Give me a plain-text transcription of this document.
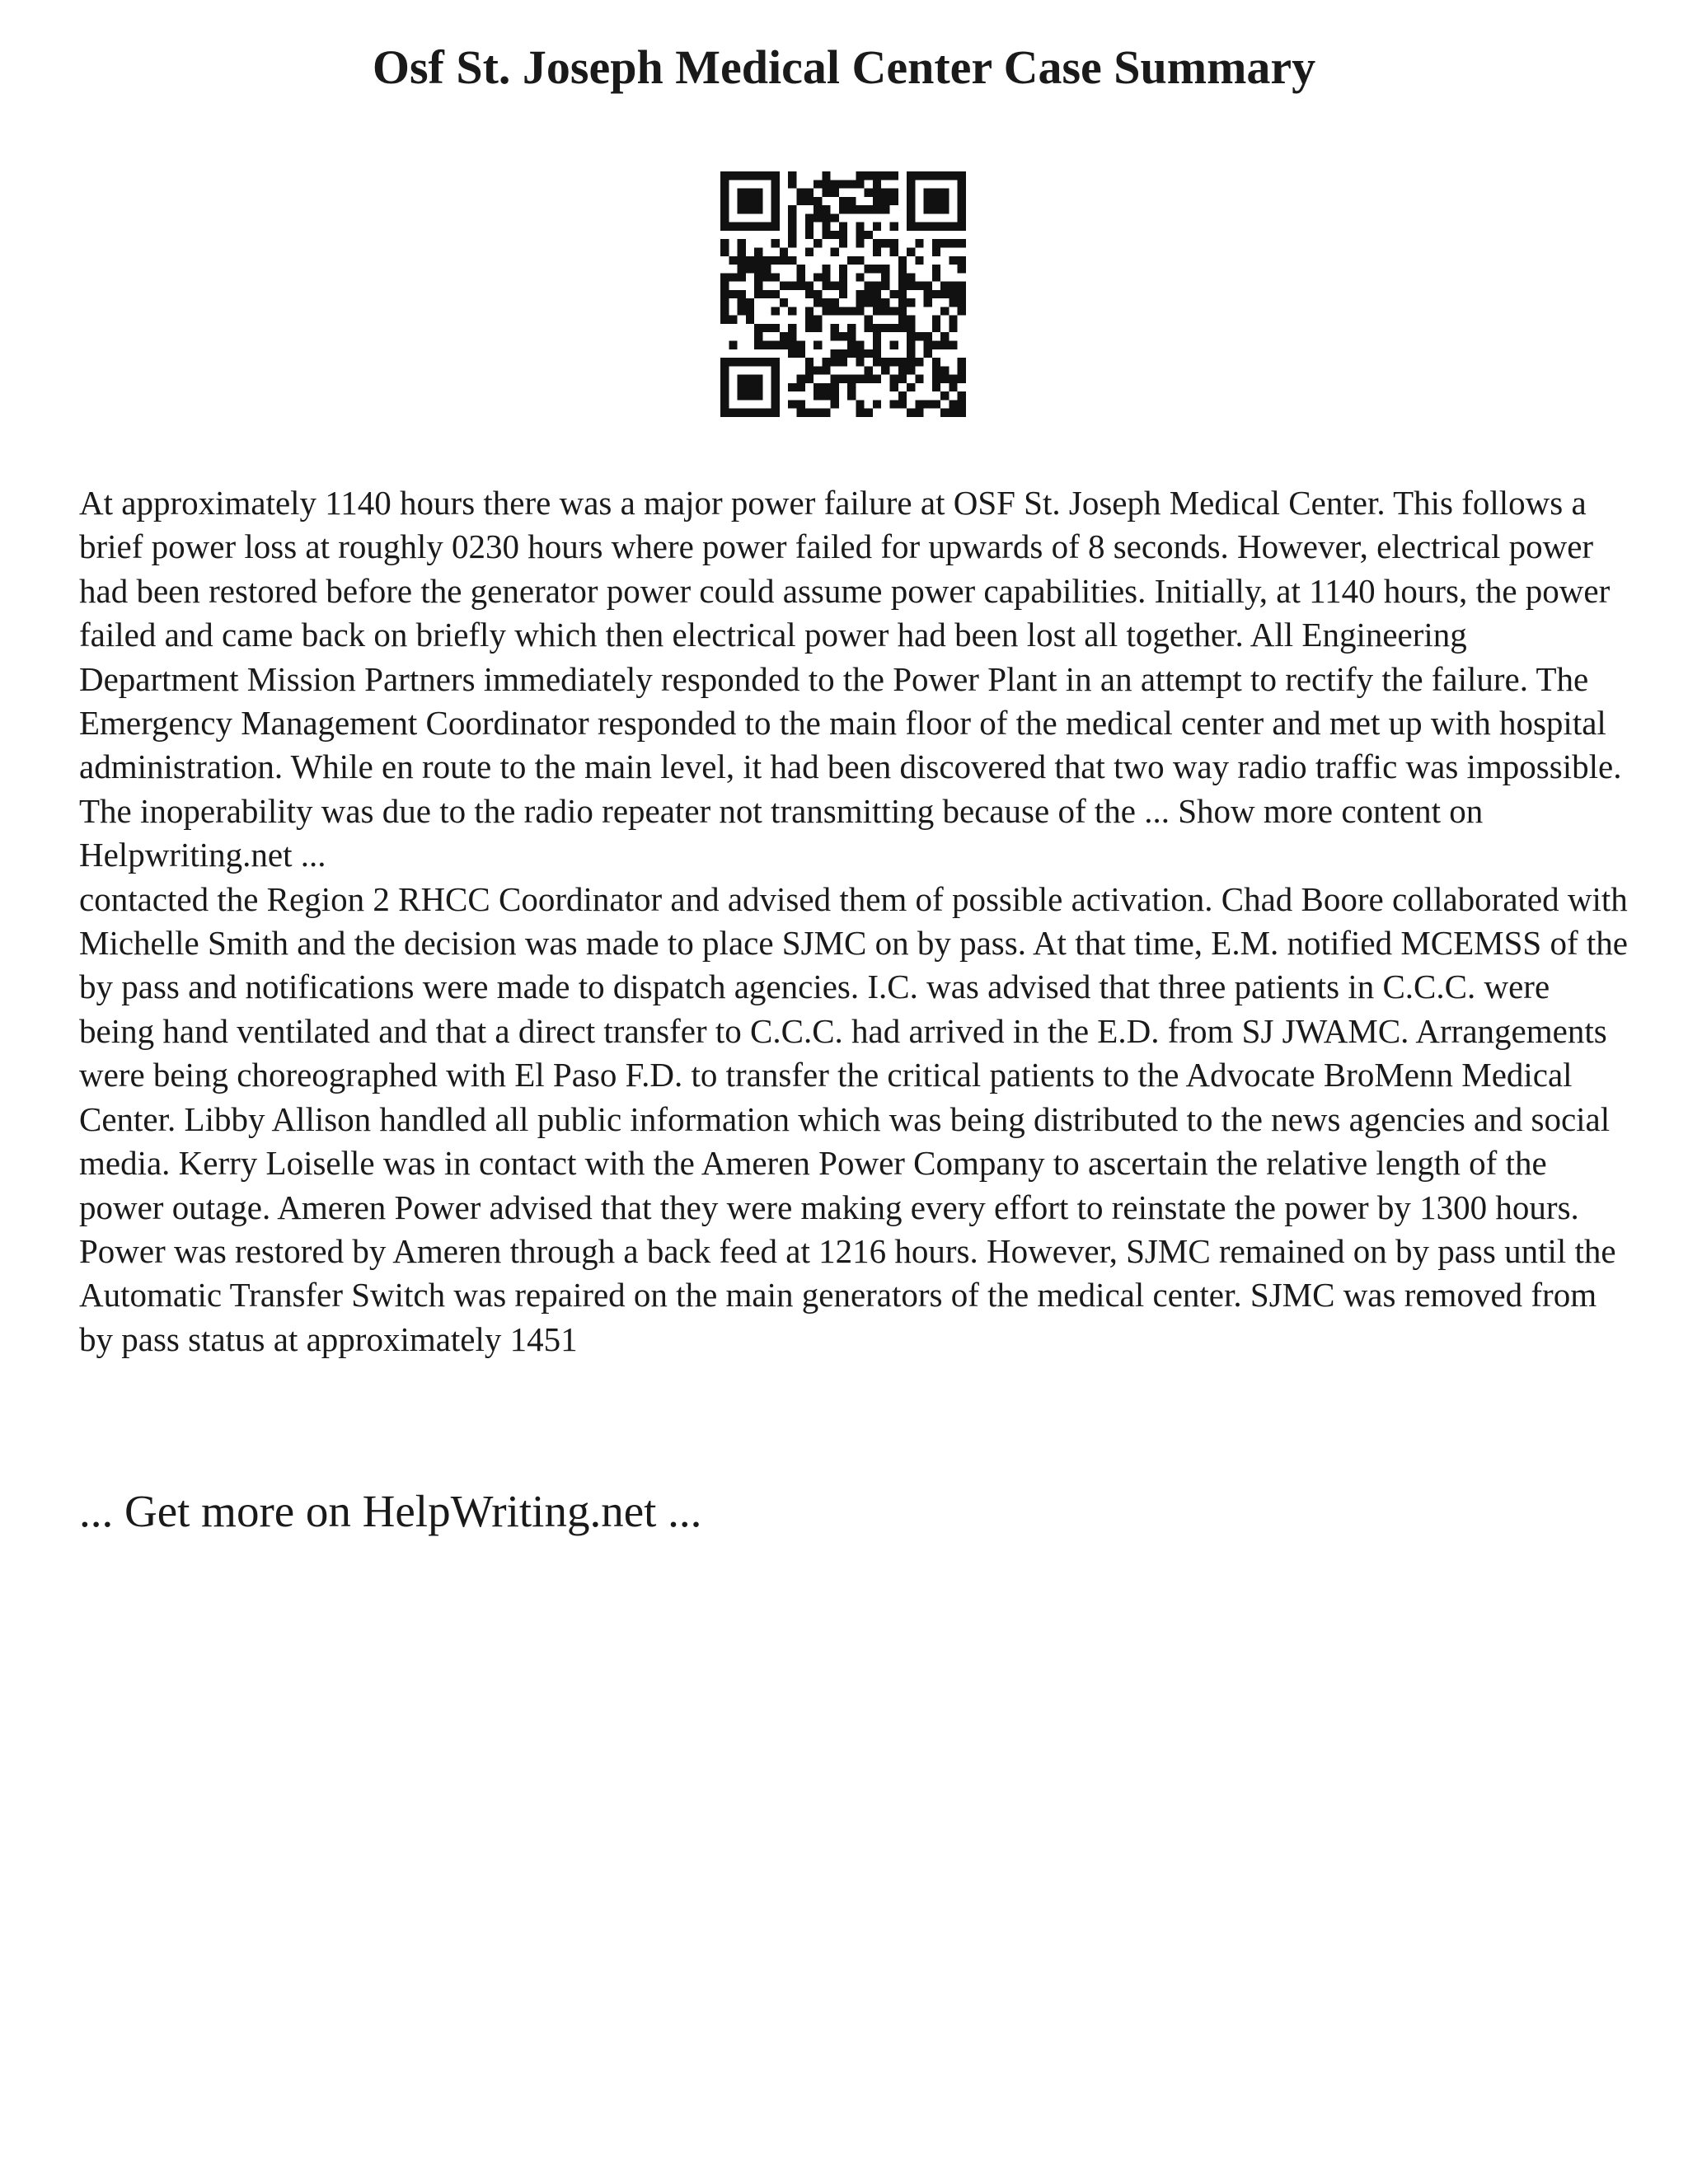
Osf St. Joseph Medical Center Case Summary

At approximately 1140 hours there was a major power failure at OSF St. Joseph Medical Center. This follows a brief power loss at roughly 0230 hours where power failed for upwards of 8 seconds. However, electrical power had been restored before the generator power could assume power capabilities. Initially, at 1140 hours, the power failed and came back on briefly which then electrical power had been lost all together. All Engineering Department Mission Partners immediately responded to the Power Plant in an attempt to rectify the failure. The Emergency Management Coordinator responded to the main floor of the medical center and met up with hospital administration. While en route to the main level, it had been discovered that two way radio traffic was impossible. The inoperability was due to the radio repeater not transmitting because of the ... Show more content on Helpwriting.net ...

contacted the Region 2 RHCC Coordinator and advised them of possible activation. Chad Boore collaborated with Michelle Smith and the decision was made to place SJMC on by pass. At that time, E.M. notified MCEMSS of the by pass and notifications were made to dispatch agencies. I.C. was advised that three patients in C.C.C. were being hand ventilated and that a direct transfer to C.C.C. had arrived in the E.D. from SJ JWAMC. Arrangements were being choreographed with El Paso F.D. to transfer the critical patients to the Advocate BroMenn Medical Center. Libby Allison handled all public information which was being distributed to the news agencies and social media. Kerry Loiselle was in contact with the Ameren Power Company to ascertain the relative length of the power outage. Ameren Power advised that they were making every effort to reinstate the power by 1300 hours. Power was restored by Ameren through a back feed at 1216 hours. However, SJMC remained on by pass until the Automatic Transfer Switch was repaired on the main generators of the medical center. SJMC was removed from by pass status at approximately 1451

... Get more on HelpWriting.net ...
